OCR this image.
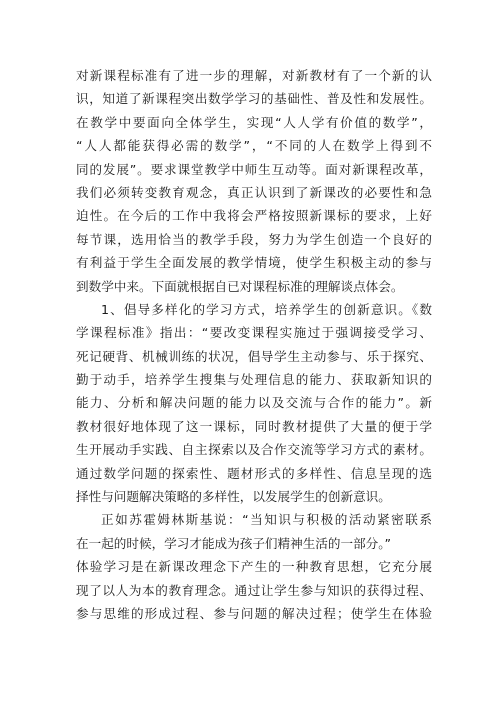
对新课程标准有了进一步的理解，对新教材有了一个新的认
识，知道了新课程突出数学学习的基础性、普及性和发展性。
在教学中要面向全体学生，实现“人人学有价值的数学”，
“人人都能获得必需的数学”，“不同的人在数学上得到不
同的发展”。要求课堂教学中师生互动等。面对新课程改革，
我们必须转变教育观念，真正认识到了新课改的必要性和急
迫性。在今后的工作中我将会严格按照新课标的要求，上好
每节课，选用恰当的教学手段，努力为学生创造一个良好的
有利益于学生全面发展的教学情境，使学生积极主动的参与
到数学中来。下面就根据自已对课程标准的理解谈点体会。
1、倡导多样化的学习方式，培养学生的创新意识。《数
学课程标准》指出：“要改变课程实施过于强调接受学习、
死记硬背、机械训练的状况，倡导学生主动参与、乐于探究、
勤于动手，培养学生搜集与处理信息的能力、获取新知识的
能力、分析和解决问题的能力以及交流与合作的能力”。新
教材很好地体现了这一课标，同时教材提供了大量的便于学
生开展动手实践、自主探索以及合作交流等学习方式的素材。
通过数学问题的探索性、题材形式的多样性、信息呈现的选
择性与问题解决策略的多样性，以发展学生的创新意识。
正如苏霍姆林斯基说：“当知识与积极的活动紧密联系
在一起的时候，学习才能成为孩子们精神生活的一部分。”
体验学习是在新课改理念下产生的一种教育思想，它充分展
现了以人为本的教育理念。通过让学生参与知识的获得过程、
参与思维的形成过程、参与问题的解决过程；使学生在体验
